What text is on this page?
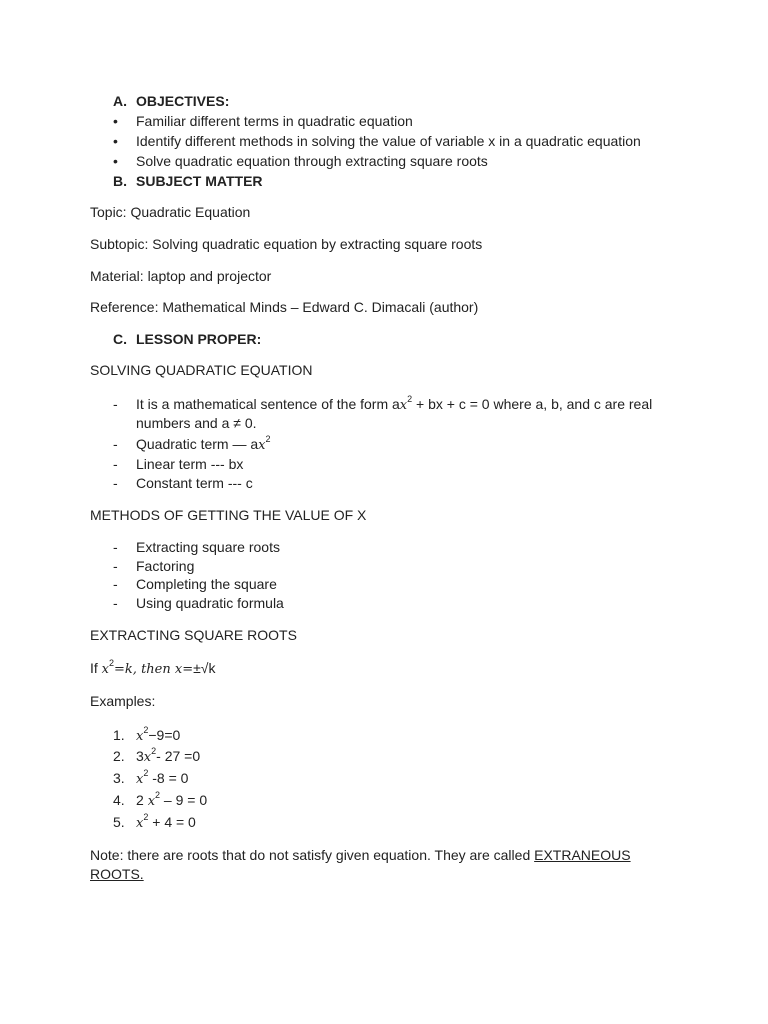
A. OBJECTIVES:
• Familiar different terms in quadratic equation
• Identify different methods in solving the value of variable x in a quadratic equation
• Solve quadratic equation through extracting square roots
B. SUBJECT MATTER
Topic: Quadratic Equation
Subtopic: Solving quadratic equation by extracting square roots
Material: laptop and projector
Reference: Mathematical Minds – Edward C. Dimacali (author)
C. LESSON PROPER:
SOLVING QUADRATIC EQUATION
- It is a mathematical sentence of the form $ax^2$ + bx + c = 0 where a, b, and c are real
numbers and a ≠ 0.
- Quadratic term — $ax^2$
- Linear term --- bx
- Constant term --- c
METHODS OF GETTING THE VALUE OF X
- Extracting square roots
- Factoring
- Completing the square
- Using quadratic formula
EXTRACTING SQUARE ROOTS
If $x^2=k$, then x=±√k
Examples:
1. $x^2-9=0$
2. $3x^2-$ 27 =0
3. $x^2$ -8 = 0
4. 2 $x^2 - 9 = 0$
5. $x^2 + 4 = 0$
Note: there are roots that do not satisfy given equation. They are called EXTRANEOUS
ROOTS.
